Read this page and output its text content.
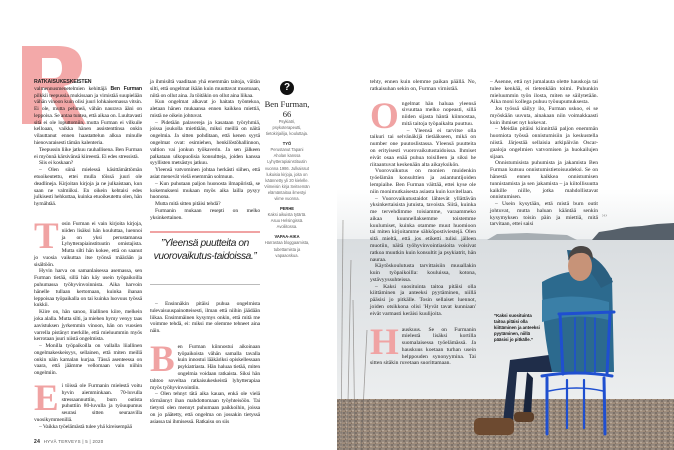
RATKAISUKESKEISTEN valmennusmenetelmien kehittäjä Ben Furman pilkkii teepussia mukissaan ja virnistää suupielään vähän vinoon kuin olisi juuri lohkaisemassa vitsin. Ei ole, mutta pehmeä, vähän naurava ääni on leppoisa. Se antaa tuntea, että aikaa on. Luultavasti sitä ei ole loputtomiin, mutta Furman ei vilkuile kelloaan, vaikka hänen assistenttinsa onkin vilauttanut ennen haastattelun alkua minulle hienovaraisesti tämän kalenteria.

Teepussin liike jatkuu rauhallisena. Ben Furman ei myönnä kärsivänsä kiireestä. Ei edes stressistä.

Siis ei koskaan?

– Olen siinä mielessä käsittämättömän etuoikeutettu, ettei mulla töissä juuri ole deadlineja. Kirjoitan kirjoja ja ne julkaistaan, kun saan ne valmiiksi. En oikein kehtaisi edes julkisesti hehkuttaa, kuinka etuoikeutettu olen, hän hymähtää.

Tosin Furman ei vain kirjoita kirjoja, niiden lisäksi hän kouluttaa, luennoi ja on yksi perustamansa Lyhytterapiainstituutin omistajista. Mutta silti hän kokee, että on saanut jo vuosia vaikuttaa itse työnsä määrään ja sisältöön.

Hyvin harva on samanlaisessa asemassa, sen Furman tietää, sillä hän käy usein työpaikoilla puhumassa työhyvinvoinnista. Aika harvoin hänelle tullaan kertomaan, kuinka ihanan leppoisaa työpaikalla on tai kuinka luovuus työssä kukkii.

Kiire on, hän sanoo, liiallinen kiire, melkein joka alalla. Mutta silti, ja miehen hymy venyy taas aavistuksen jyrkemmin vinoon, hän on vuosien varrella pistänyt merkille, että mieluummin myös kerrotaan juuri niistä ongelmista.

– Monilla työpaikoilla on vallalla liiallinen ongelmakeskeisyys, sellainen, että miten meillä onkin näin kamalan kurjaa. Tässä asenteessa on vaara, että jäämme vellomaan vain niihin ongelmiin.

Ei töissä ole Furmanin mielestä voitu hyvin aiemminkaan. 70-luvulla stressaannuttiin, burn outista puhuttiin 80-luvulla ja työuupumus seurasi sitten seuraavilla vuosikymmenillä.

– Vaikka työelämästä tulee yhä kireisempää

ja ihmisiltä vaaditaan yhä enemmän taitoja, väitän silti, että ongelmat ikään kuin muuttavat muotoaan, niitä on ollut aina. Ja töitäkin on ollut aina liikaa.

Kun ongelmat alkavat jo haitata työntekoa, aletaan hänen mukaansa ennen kaikkea miettiä, mistä ne oikein johtuvat.

– Pidetään palavereja ja kasataan työryhmiä, joissa joukolla mietitään, miksi meillä on näitä ongelmia. Ja sitten pohditaan, että kenen syytä ongelmat ovat: esimiehen, henkilöstöhallinnon, valtion vai jonkun työkaverin. Ja sen jälkeen palkataan ulkopuolisia konsultteja, joiden kanssa syyllisten metsästys jatkuu.

Yleensä vatvominen johtaa herkästi siihen, että asiat menevät vielä enemmän solmuun.

– Kun puhutaan paljon huonosta ilmapiiristä, se kokemukseni mukaan myös aika lailla pysyy huonona.

Mutta mitä sitten pitäisi tehdä?

Furmanin mukaan resepti on melko yksinkertainen.

”Yleensä puutteita on vuorovaikutus-taidoissa.”

– Ensinnäkin pitäisi puhua ongelmista tulevaisuuspainotteisesti, ilman että niihin jäädään liikaa. Ensimmäinen kysymys onkin, että mitä me voimme tehdä, ei: miksi me olemme tehneet aina näin.

Ben Furman kiinnostui aikoinaan työpaikoista vähän samalla tavalla kuin innostui lääkäriksi opiskellessaan psykiatriasta. Hän haluaa tietää, miten ongelmia voidaan ratkaista. Siksi hän tahtoo soveltaa ratkaisukeskeistä lyhytterapiaa myös työhyvinvointiin.

– Olen tehnyt tätä aika kauan, enkä ole vielä törmännyt ihan mahdottomaan työyhteisöön. Tai tietysti olen mennyt puhumaan paikkoihin, joissa on jo päätetty, että ongelma on jossakin tietyssä asiassa tai ihmisessä. Ratkaisu on siis

?
Ben Furman, 66
Psykiatri, psykoterapeutti, tietokirjailija, kouluttaja.
TYÖ
Perustanut Tapani Aholan kanssa Lyhytterapiainstituutin vuonna 1986. Julkaissut lukuisia kirjoja, joita on käännetty yli 20 kielelle. Viimeisin kirja Seitsemän elämäntaitoa ilmestyi viime vuonna.
PERHE
Kaksi aikuista tytärtä. Asuu Helsingissä. Avoliitossa.
VAPAA-AIKA
Harrastaa bloggaamista, tubettamista ja vapaaoskua.

tehty, ennen kuin olemme paikan päällä. No, ratkaisuhan sekin on, Furman virnistää.

Ongelmat hän haluaa yleensä sivuuttaa melko nopeasti, sillä niiden sijasta häntä kiinnostaa, mitä taitoja työpaikalta puuttuu.

– Yleensä ei tarvitse olla taikuri tai selvänäkijä tietääkseen, mikä on number one puutoslistassa. Yleensä puutteita on erityisesti vuorovaikutustaidoissa. Ihmiset eivät osaa enää puhua toisilleen ja siksi he riitaantuvat keskenään alta aikayksikön.

Vuorovaikutus on monien muidenkin työelämän konsulttien ja asiantuntijoiden lempiaihe. Ben Furman väittää, ettei kyse ole niin monimutkaisesta asiasta kuin kuvitellaan.

– Vuorovaikutustaidot lähtevät yllättävän yksinkertaisista jutuista, tavoista. Siitä, kuinka me tervehdimme toisiamme, varaammeko aikaa kuunnellaksemme toistemme kuulumiset, kuinka otamme muut huomioon tai miten kirjoitamme sähköpostiviestejä. Olen sitä mieltä, että jos etiketti tulisi jälleen muotiin, näitä työhyvinvointiasioita voisivat ratkoa muutkin kuin konsultit ja psykiatrit, hän nauraa.

Käytöskoulutusta tarvittaisiin muuallakin kuin työpaikoilla: kouluissa, kotona, ystävyyssuhteissa.

– Kaksi suosituinta taitoa pitäisi olla kiittäminen ja anteeksi pyytäminen, niillä pääsisi jo pitkälle. Tosin sellaiset luennot, joiden otsikkona olisi 'Hyvät tavat kunniaan' eivät varmasti keräisi kuulijoita.

Hauskuus. Se on Furmanin mielestä lisäksi kortilla suomalaisessa työelämässä. Ja hauskuus koetaan turhan usein helppouden synonyymina. Tai sitten sitäkin ruvetaan suorittamaan.

– Asenne, että nyt jumalauta olette hauskoja tai tulee kenkää, ei tietenkään toimi. Puhunkin mieluummin työn ilosta, miten se säilytetään. Aika moni kollega puhuu työuupumuksesta.

Jos työssä säilyy ilo, Furman uskoo, ei se myöskään uuvuta, ainakaan niin voimakkaasti kuin ihmiset nyt kokevat.

– Meidän pitäisi kiinnittää paljon enemmän huomiota työssä onnistumisiin ja keskustella niistä. Järjestää sellaisia arkipäivän Oscar-gaaloja ongelmien vatvomisen ja huokailujen sijaan.

Onnistumisista puhumista ja jakamista Ben Furman kutsuu onnistumistietoisuudeksi. Se on hänestä ennen kaikkea onnistumisen tunnistamista ja sen jakamista – ja kiitollisuutta kaikille niille, jotka mahdollistavat onnistumisen.

– Usein kysytään, että mistä burn outit johtuvat, mutta haluan kääntää senkin kysymyksen toisin päin ja miettiä, mitä tarvitaan, ettei saisi

›››
”Kaksi suosituinta taitoa pitäisi olla kiittäminen ja anteeksi pyytäminen, niillä pääsisi jo pitkälle.”
24 HYVÄ TERVEYS | 5 | 2020
